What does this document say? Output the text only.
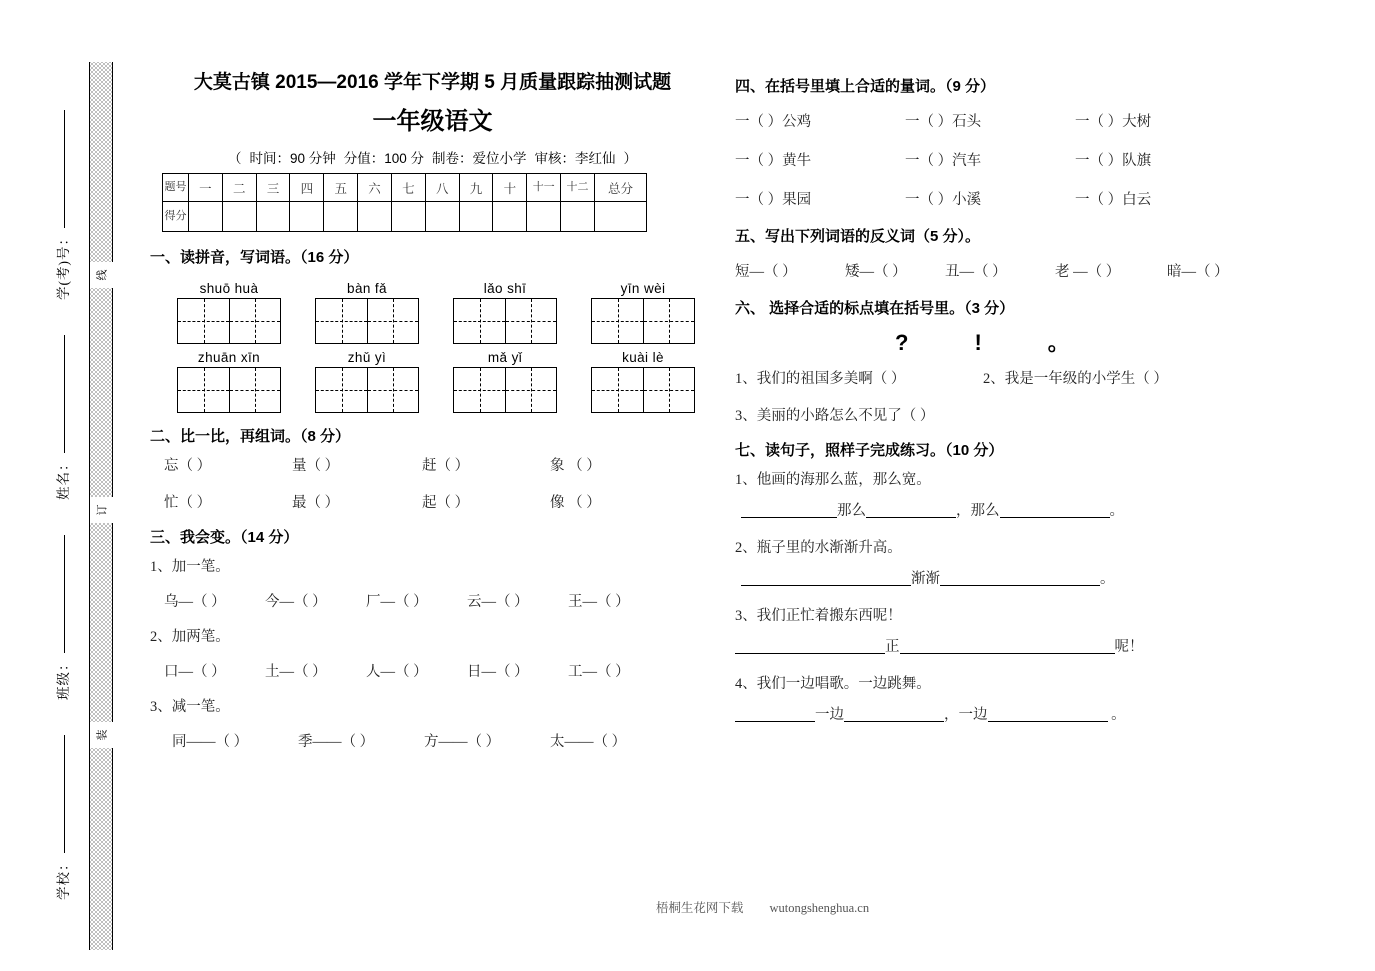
学校：
班级：
姓名：
学(考)号：	线
订
装
大莫古镇 2015—2016 学年下学期 5 月质量跟踪抽测试题
一年级语文
（ 时间：90 分钟 分值：100 分 制卷：爱位小学 审核：李红仙 ）
题号	一	二	三	四	五	六	七	八	九	十	十一	十二	总分
得分													
一、读拼音，写词语。（16 分）
shuō huà	bàn fǎ	lǎo shī	yīn wèi
zhuān xīn	zhǔ yì	mǎ yǐ	kuài lè
二、比一比，再组词。（8 分）
忘（ ）	量（ ）	赶（ ）	象 （ ）
忙（ ）	最（ ）	起（ ）	像 （ ）
三、我会变。（14 分）
1、加一笔。
乌—（ ）	今—（ ）	厂—（ ）	云—（ ）	王—（ ）
2、加两笔。
口—（ ）	土—（ ）	人—（ ）	日—（ ）	工—（ ）
3、减一笔。
同——（ ）	季——（ ）	方——（ ）	太——（ ）
四、在括号里填上合适的量词。（9 分）
一（ ）公鸡	一（ ）石头	一（ ）大树
一（ ）黄牛	一（ ）汽车	一（ ）队旗
一（ ）果园	一（ ）小溪	一（ ）白云
五、写出下列词语的反义词（5 分）。
短—（ ）	矮—（ ）	丑—（ ）	老 —（ ）	暗—（ ）
六、 选择合适的标点填在括号里。（3 分）
?	!	。
1、我们的祖国多美啊（ ）	2、我是一年级的小学生（ ）
3、美丽的小路怎么不见了（ ）
七、读句子，照样子完成练习。（10 分）
1、他画的海那么蓝，那么宽。
那么	，那么	。
2、瓶子里的水渐渐升高。
渐渐	。
3、我们正忙着搬东西呢！
正	呢！
4、我们一边唱歌。一边跳舞。
一边	，一边	。
梧桐生花网下载 wutongshenghua.cn
